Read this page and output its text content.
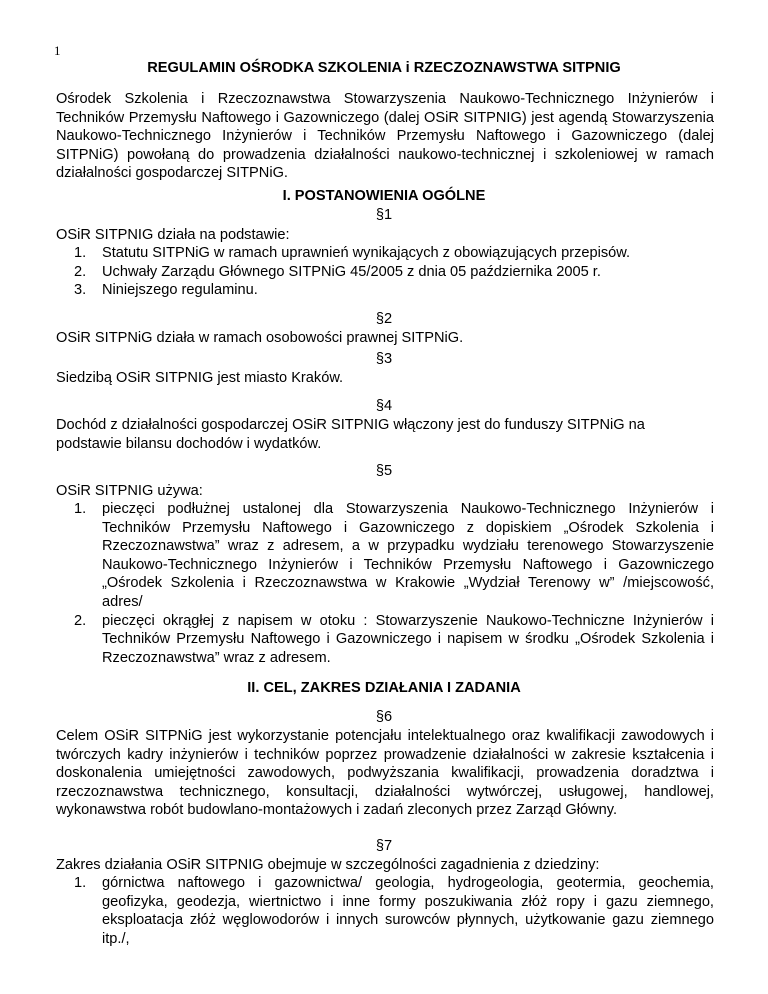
1
REGULAMIN OŚRODKA SZKOLENIA i RZECZOZNAWSTWA SITPNIG
Ośrodek Szkolenia i Rzeczoznawstwa Stowarzyszenia Naukowo-Technicznego Inżynierów i Techników Przemysłu Naftowego i Gazowniczego (dalej OSiR SITPNIG) jest agendą Stowarzyszenia Naukowo-Technicznego Inżynierów i Techników Przemysłu Naftowego i Gazowniczego (dalej SITPNiG) powołaną do prowadzenia działalności naukowo-technicznej i szkoleniowej w ramach działalności gospodarczej SITPNiG.
I. POSTANOWIENIA OGÓLNE
§1
OSiR SITPNIG działa na podstawie:
1. Statutu SITPNiG w ramach uprawnień wynikających z obowiązujących przepisów.
2. Uchwały Zarządu Głównego SITPNiG 45/2005 z dnia 05 października 2005 r.
3. Niniejszego regulaminu.
§2
OSiR SITPNiG działa w ramach osobowości prawnej SITPNiG.
§3
Siedzibą OSiR SITPNIG jest miasto Kraków.
§4
Dochód z działalności gospodarczej OSiR SITPNIG włączony jest do funduszy SITPNiG na podstawie bilansu dochodów i wydatków.
§5
OSiR SITPNIG używa:
1. pieczęci podłużnej ustalonej dla Stowarzyszenia Naukowo-Technicznego Inżynierów i Techników Przemysłu Naftowego i Gazowniczego z dopiskiem „Ośrodek Szkolenia i Rzeczoznawstwa” wraz z adresem, a w przypadku wydziału terenowego Stowarzyszenie Naukowo-Technicznego Inżynierów i Techników Przemysłu Naftowego i Gazowniczego „Ośrodek Szkolenia i Rzeczoznawstwa w Krakowie „Wydział Terenowy w” /miejscowość, adres/
2. pieczęci okrągłej z napisem w otoku : Stowarzyszenie Naukowo-Techniczne Inżynierów i Techników Przemysłu Naftowego i Gazowniczego i napisem w środku „Ośrodek Szkolenia i Rzeczoznawstwa” wraz z adresem.
II. CEL, ZAKRES DZIAŁANIA I ZADANIA
§6
Celem OSiR SITPNiG jest wykorzystanie potencjału intelektualnego oraz kwalifikacji zawodowych i twórczych kadry inżynierów i techników poprzez prowadzenie działalności w zakresie kształcenia i doskonalenia umiejętności zawodowych, podwyższania kwalifikacji, prowadzenia doradztwa i rzeczoznawstwa technicznego, konsultacji, działalności wytwórczej, usługowej, handlowej, wykonawstwa robót budowlano-montażowych i zadań zleconych przez Zarząd Główny.
§7
Zakres działania OSiR SITPNIG obejmuje w szczególności zagadnienia z dziedziny:
1. górnictwa naftowego i gazownictwa/ geologia, hydrogeologia, geotermia, geochemia, geofizyka, geodezja, wiertnictwo i inne formy poszukiwania złóż ropy i gazu ziemnego, eksploatacja złóż węglowodorów i innych surowców płynnych, użytkowanie gazu ziemnego itp./,
